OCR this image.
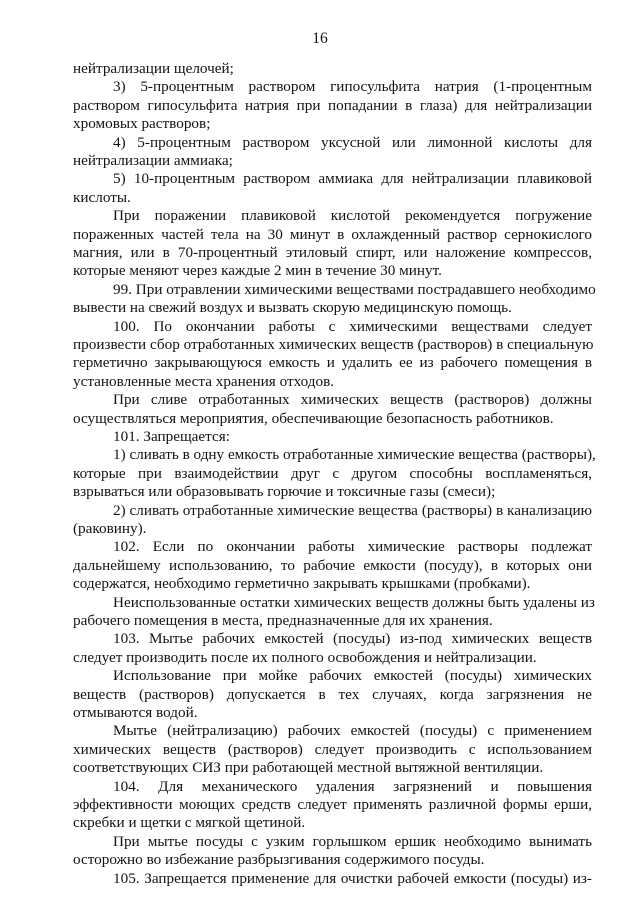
16
нейтрализации щелочей;
3) 5-процентным раствором гипосульфита натрия (1-процентным
раствором гипосульфита натрия при попадании в глаза) для нейтрализации
хромовых растворов;
4) 5-процентным раствором уксусной или лимонной кислоты для
нейтрализации аммиака;
5) 10-процентным раствором аммиака для нейтрализации плавиковой
кислоты.
При поражении плавиковой кислотой рекомендуется погружение
пораженных частей тела на 30 минут в охлажденный раствор сернокислого
магния, или в 70-процентный этиловый спирт, или наложение компрессов,
которые меняют через каждые 2 мин в течение 30 минут.
99. При отравлении химическими веществами пострадавшего необходимо
вывести на свежий воздух и вызвать скорую медицинскую помощь.
100. По окончании работы с химическими веществами следует
произвести сбор отработанных химических веществ (растворов) в специальную
герметично закрывающуюся емкость и удалить ее из рабочего помещения в
установленные места хранения отходов.
При сливе отработанных химических веществ (растворов) должны
осуществляться мероприятия, обеспечивающие безопасность работников.
101. Запрещается:
1) сливать в одну емкость отработанные химические вещества (растворы),
которые при взаимодействии друг с другом способны воспламеняться,
взрываться или образовывать горючие и токсичные газы (смеси);
2) сливать отработанные химические вещества (растворы) в канализацию
(раковину).
102. Если по окончании работы химические растворы подлежат
дальнейшему использованию, то рабочие емкости (посуду), в которых они
содержатся, необходимо герметично закрывать крышками (пробками).
Неиспользованные остатки химических веществ должны быть удалены из
рабочего помещения в места, предназначенные для их хранения.
103. Мытье рабочих емкостей (посуды) из-под химических веществ
следует производить после их полного освобождения и нейтрализации.
Использование при мойке рабочих емкостей (посуды) химических
веществ (растворов) допускается в тех случаях, когда загрязнения не
отмываются водой.
Мытье (нейтрализацию) рабочих емкостей (посуды) с применением
химических веществ (растворов) следует производить с использованием
соответствующих СИЗ при работающей местной вытяжной вентиляции.
104. Для механического удаления загрязнений и повышения
эффективности моющих средств следует применять различной формы ерши,
скребки и щетки с мягкой щетиной.
При мытье посуды с узким горлышком ершик необходимо вынимать
осторожно во избежание разбрызгивания содержимого посуды.
105. Запрещается применение для очистки рабочей емкости (посуды) из-
